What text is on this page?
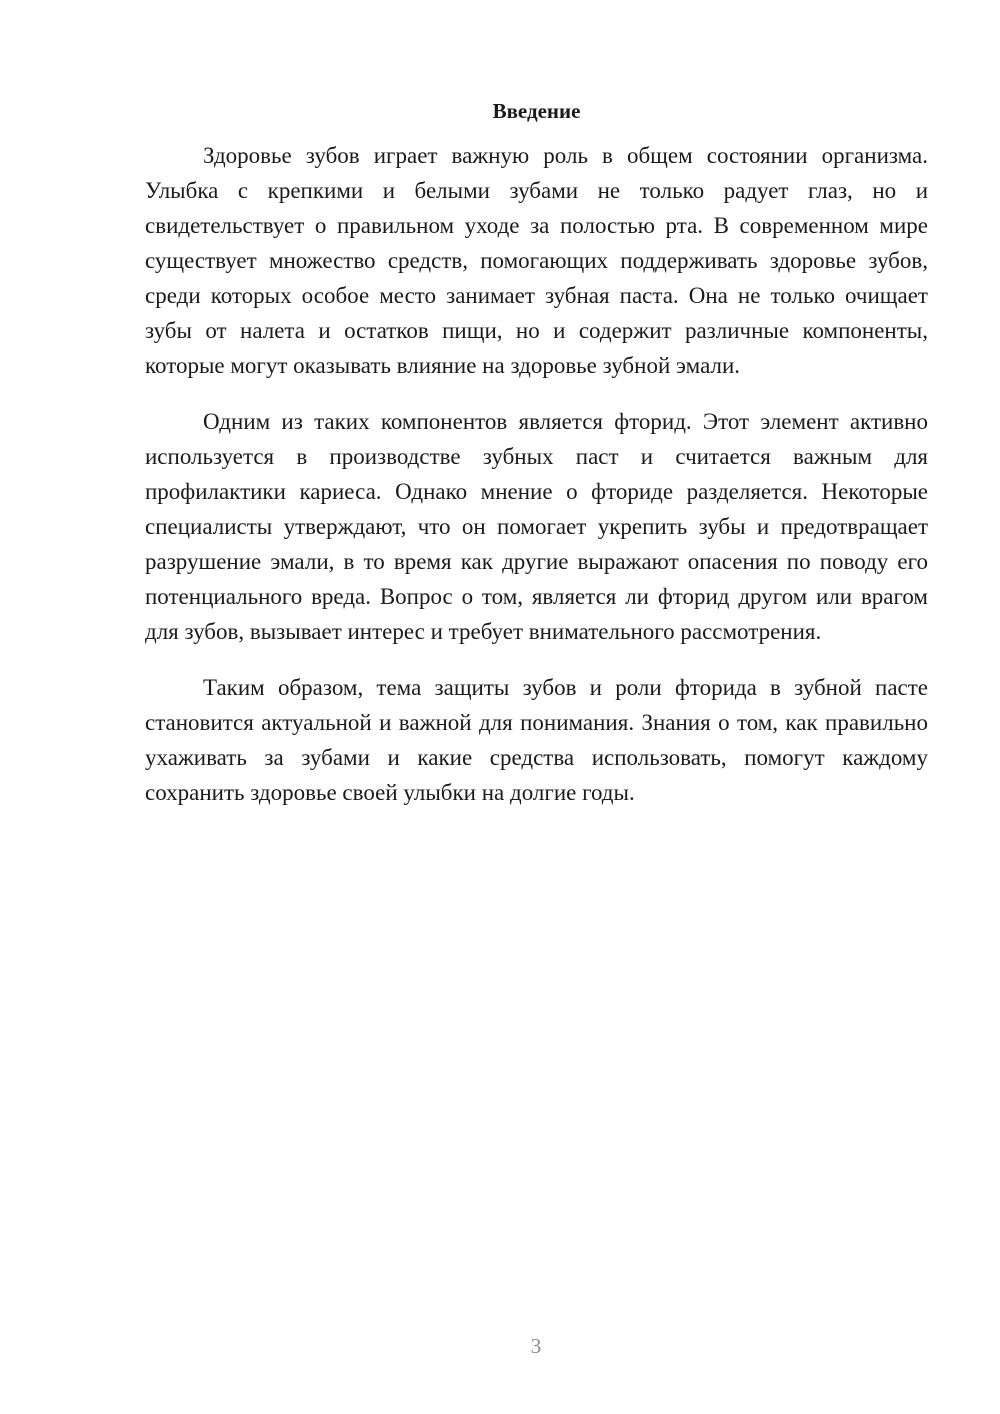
Введение

Здоровье зубов играет важную роль в общем состоянии организма. Улыбка с крепкими и белыми зубами не только радует глаз, но и свидетельствует о правильном уходе за полостью рта. В современном мире существует множество средств, помогающих поддерживать здоровье зубов, среди которых особое место занимает зубная паста. Она не только очищает зубы от налета и остатков пищи, но и содержит различные компоненты, которые могут оказывать влияние на здоровье зубной эмали.

Одним из таких компонентов является фторид. Этот элемент активно используется в производстве зубных паст и считается важным для профилактики кариеса. Однако мнение о фториде разделяется. Некоторые специалисты утверждают, что он помогает укрепить зубы и предотвращает разрушение эмали, в то время как другие выражают опасения по поводу его потенциального вреда. Вопрос о том, является ли фторид другом или врагом для зубов, вызывает интерес и требует внимательного рассмотрения.

Таким образом, тема защиты зубов и роли фторида в зубной пасте становится актуальной и важной для понимания. Знания о том, как правильно ухаживать за зубами и какие средства использовать, помогут каждому сохранить здоровье своей улыбки на долгие годы.

3
